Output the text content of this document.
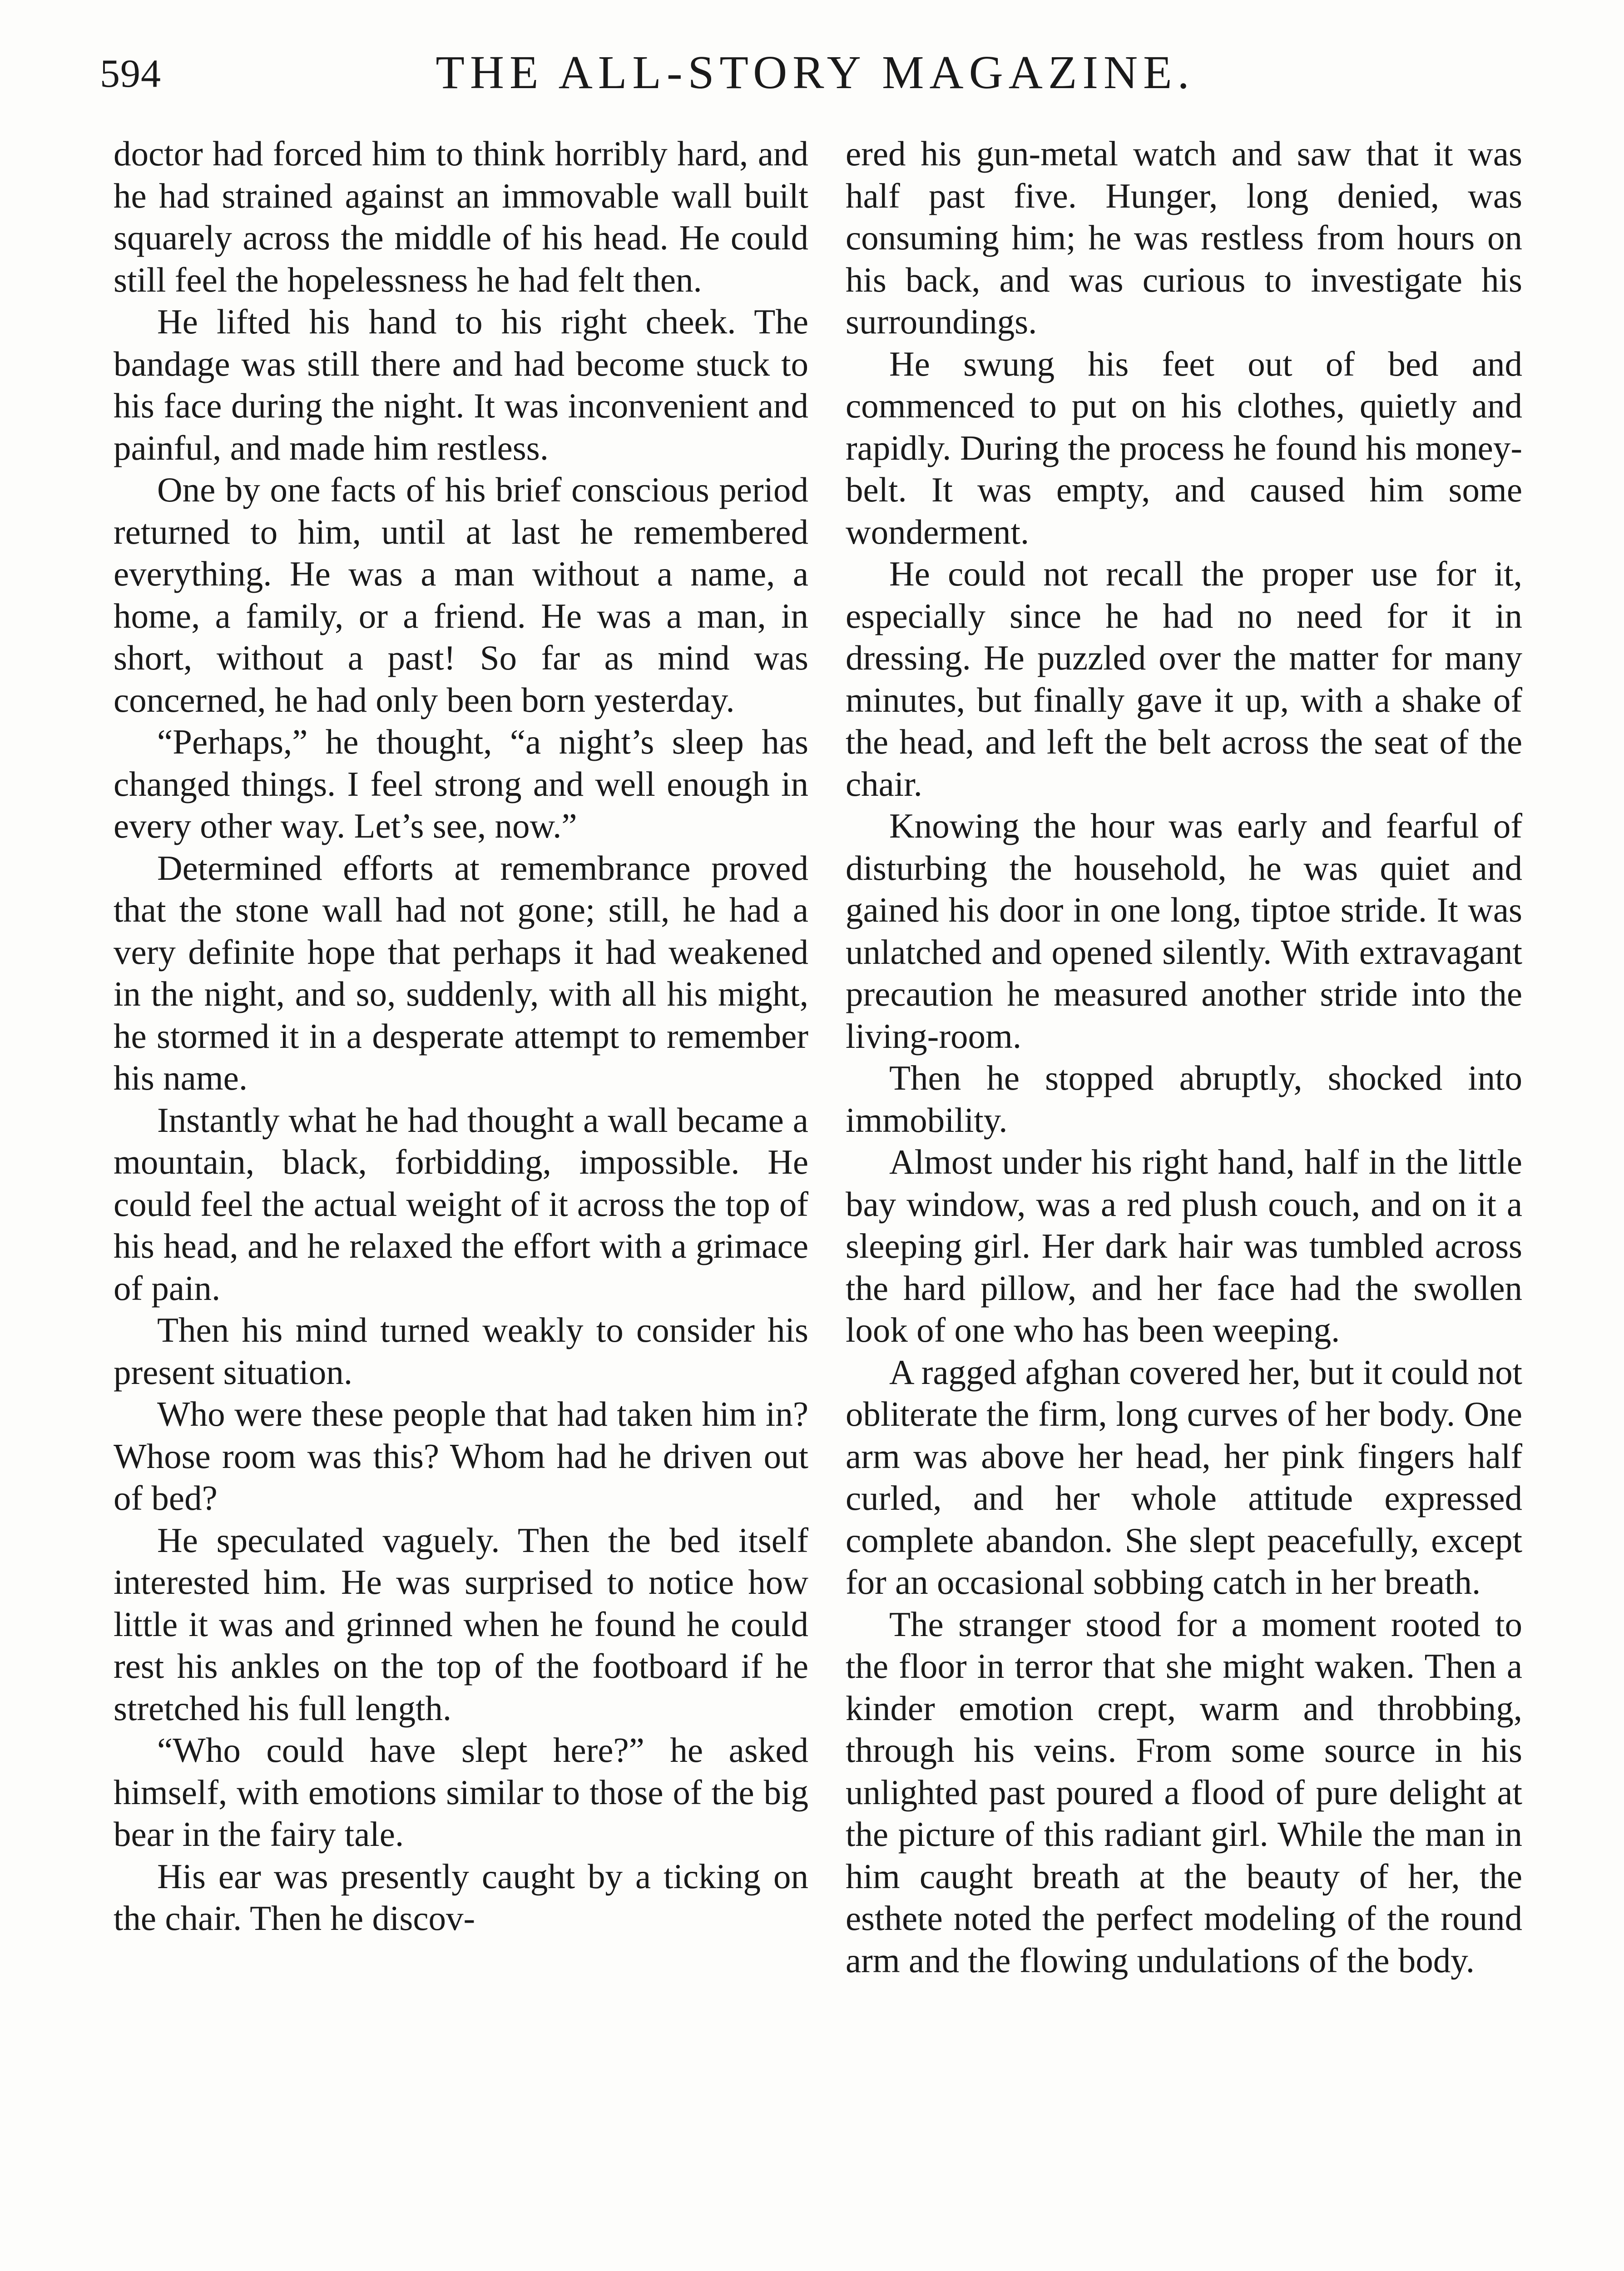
594	THE ALL-STORY MAGAZINE.

doctor had forced him to think horribly hard, and he had strained against an immovable wall built squarely across the middle of his head. He could still feel the hopelessness he had felt then.

He lifted his hand to his right cheek. The bandage was still there and had become stuck to his face during the night. It was inconvenient and painful, and made him restless.

One by one facts of his brief conscious period returned to him, until at last he remembered everything. He was a man without a name, a home, a family, or a friend. He was a man, in short, without a past! So far as mind was concerned, he had only been born yesterday.

“Perhaps,” he thought, “a night’s sleep has changed things. I feel strong and well enough in every other way. Let’s see, now.”

Determined efforts at remembrance proved that the stone wall had not gone; still, he had a very definite hope that perhaps it had weakened in the night, and so, suddenly, with all his might, he stormed it in a desperate attempt to remember his name.

Instantly what he had thought a wall became a mountain, black, forbidding, impossible. He could feel the actual weight of it across the top of his head, and he relaxed the effort with a grimace of pain.

Then his mind turned weakly to consider his present situation.

Who were these people that had taken him in? Whose room was this? Whom had he driven out of bed?

He speculated vaguely. Then the bed itself interested him. He was surprised to notice how little it was and grinned when he found he could rest his ankles on the top of the footboard if he stretched his full length.

“Who could have slept here?” he asked himself, with emotions similar to those of the big bear in the fairy tale.

His ear was presently caught by a ticking on the chair. Then he discov-

ered his gun-metal watch and saw that it was half past five. Hunger, long denied, was consuming him; he was restless from hours on his back, and was curious to investigate his surroundings.

He swung his feet out of bed and commenced to put on his clothes, quietly and rapidly. During the process he found his money-belt. It was empty, and caused him some wonderment.

He could not recall the proper use for it, especially since he had no need for it in dressing. He puzzled over the matter for many minutes, but finally gave it up, with a shake of the head, and left the belt across the seat of the chair.

Knowing the hour was early and fearful of disturbing the household, he was quiet and gained his door in one long, tiptoe stride. It was unlatched and opened silently. With extravagant precaution he measured another stride into the living-room.

Then he stopped abruptly, shocked into immobility.

Almost under his right hand, half in the little bay window, was a red plush couch, and on it a sleeping girl. Her dark hair was tumbled across the hard pillow, and her face had the swollen look of one who has been weeping.

A ragged afghan covered her, but it could not obliterate the firm, long curves of her body. One arm was above her head, her pink fingers half curled, and her whole attitude expressed complete abandon. She slept peacefully, except for an occasional sobbing catch in her breath.

The stranger stood for a moment rooted to the floor in terror that she might waken. Then a kinder emotion crept, warm and throbbing, through his veins. From some source in his unlighted past poured a flood of pure delight at the picture of this radiant girl. While the man in him caught breath at the beauty of her, the esthete noted the perfect modeling of the round arm and the flowing undulations of the body.
